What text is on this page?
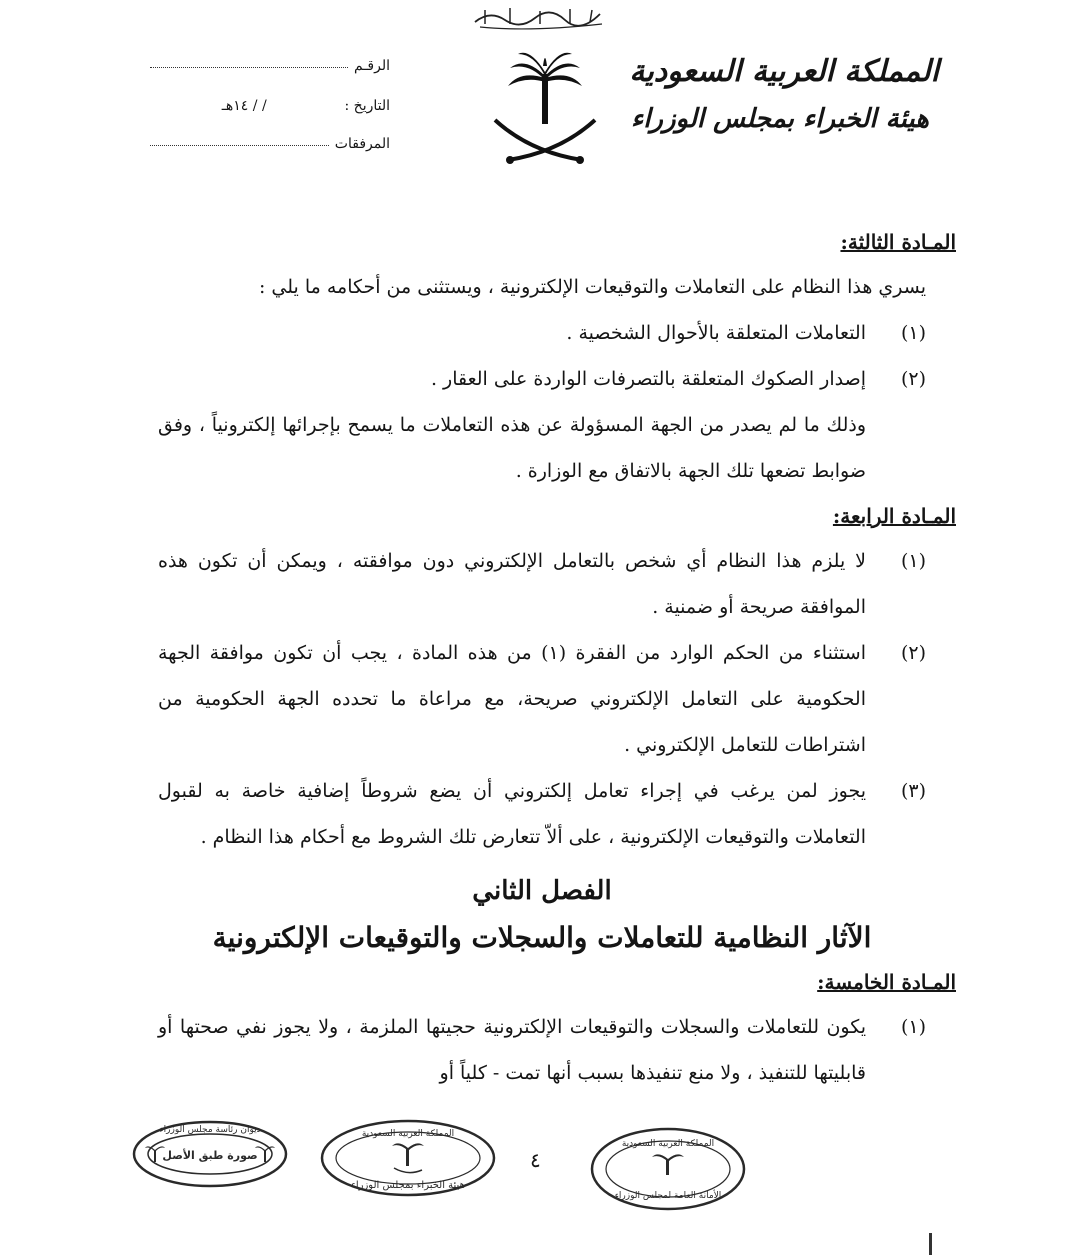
المملكة العربية السعودية
هيئة الخبراء بمجلس الوزراء
الرقـم
التاريخ :
/ / ١٤هـ
المرفقات

المـادة الثالثة:

يسري هذا النظام على التعاملات والتوقيعات الإلكترونية ، ويستثنى من أحكامه ما يلي :

(١)
التعاملات المتعلقة بالأحوال الشخصية .
(٢)
إصدار الصكوك المتعلقة بالتصرفات الواردة على العقار .

وذلك ما لم يصدر من الجهة المسؤولة عن هذه التعاملات ما يسمح بإجرائها إلكترونياً ، وفق ضوابط تضعها تلك الجهة بالاتفاق مع الوزارة .

المـادة الرابعة:

(١)
لا يلزم هذا النظام أي شخص بالتعامل الإلكتروني دون موافقته ، ويمكن أن تكون هذه الموافقة صريحة أو ضمنية .
(٢)
استثناء من الحكم الوارد من الفقرة (١) من هذه المادة ، يجب أن تكون موافقة الجهة الحكومية على التعامل الإلكتروني صريحة، مع مراعاة ما تحدده الجهة الحكومية من اشتراطات للتعامل الإلكتروني .
(٣)
يجوز لمن يرغب في إجراء تعامل إلكتروني أن يضع شروطاً إضافية خاصة به لقبول التعاملات والتوقيعات الإلكترونية ، على ألاّ تتعارض تلك الشروط مع أحكام هذا النظام .

الفصل الثاني

الآثار النظامية للتعاملات والسجلات والتوقيعات الإلكترونية

المـادة الخامسة:

(١)
يكون للتعاملات والسجلات والتوقيعات الإلكترونية حجيتها الملزمة ، ولا يجوز نفي صحتها أو قابليتها للتنفيذ ، ولا منع تنفيذها بسبب أنها تمت - كلياً أو
٤
ديوان رئاسة مجلس الوزراء
صورة طبق الأصل
المملكة العربية السعودية
هيئة الخبراء بمجلس الوزراء
المملكة العربية السعودية
الأمانة العامة لمجلس الوزراء
